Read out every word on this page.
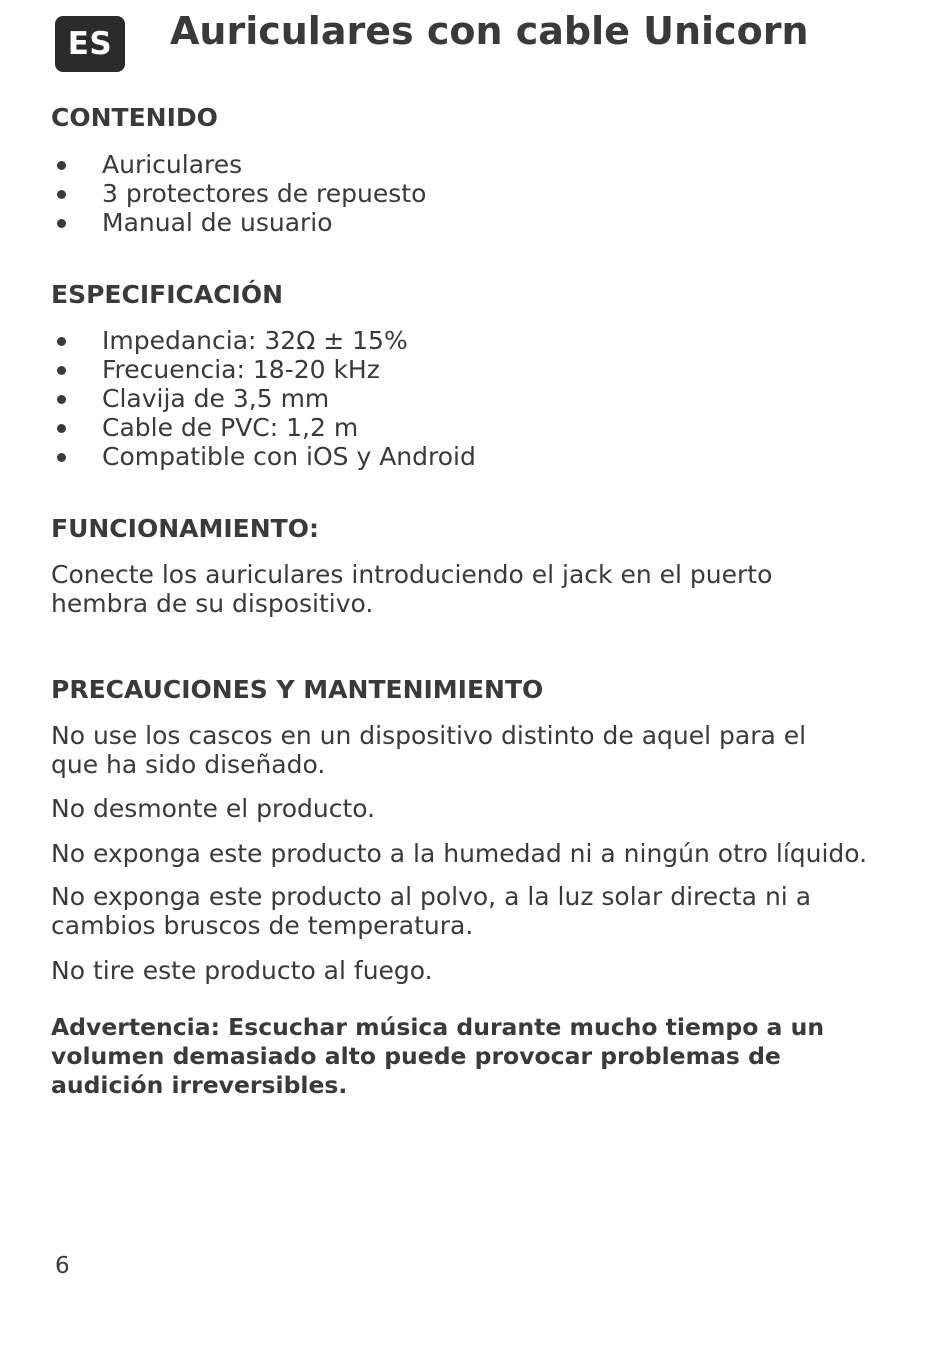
ES	Auriculares con cable Unicorn
CONTENIDO
Auriculares
3 protectores de repuesto
Manual de usuario
ESPECIFICACIÓN
Impedancia: 32Ω ± 15%
Frecuencia: 18-20 kHz
Clavija de 3,5 mm
Cable de PVC: 1,2 m
Compatible con iOS y Android
FUNCIONAMIENTO:

Conecte los auriculares introduciendo el jack en el puerto hembra de su dispositivo.

PRECAUCIONES Y MANTENIMIENTO

No use los cascos en un dispositivo distinto de aquel para el que ha sido diseñado.

No desmonte el producto.

No exponga este producto a la humedad ni a ningún otro líquido.

No exponga este producto al polvo, a la luz solar directa ni a cambios bruscos de temperatura.

No tire este producto al fuego.

Advertencia: Escuchar música durante mucho tiempo a un volumen demasiado alto puede provocar problemas de audición irreversibles.

6
